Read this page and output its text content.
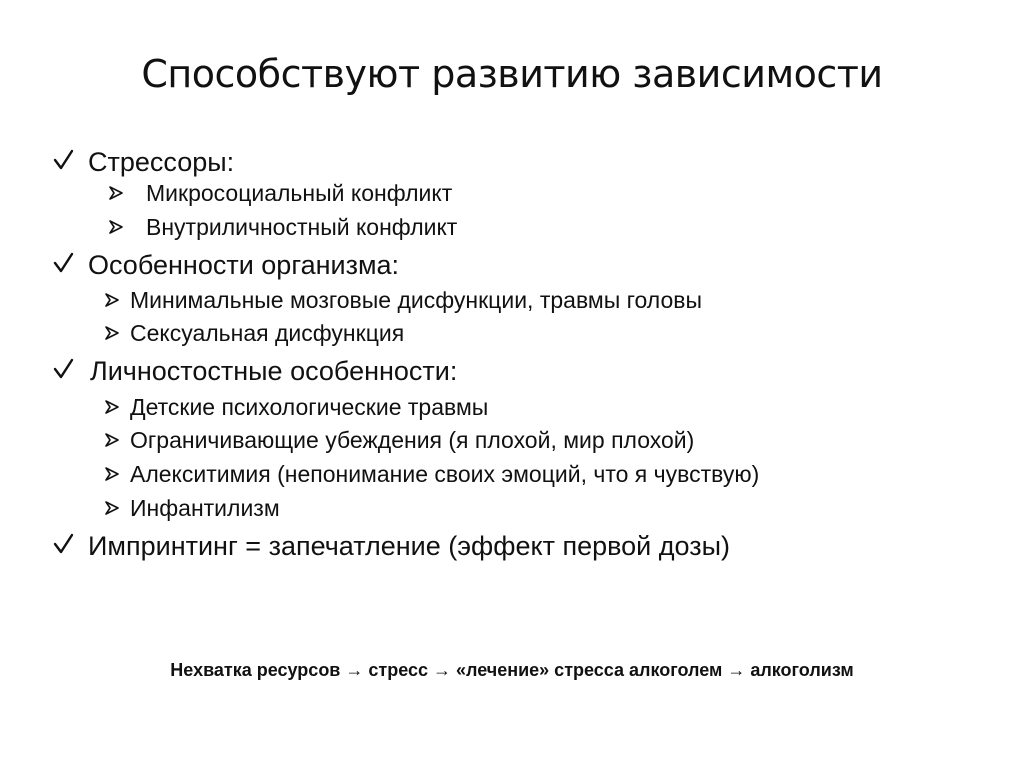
Способствуют развитию зависимости
Стрессоры:
Микросоциальный конфликт
Внутриличностный конфликт
Особенности организма:
Минимальные мозговые дисфункции, травмы головы
Сексуальная дисфункция
Личностостные особенности:
Детские психологические травмы
Ограничивающие убеждения (я плохой, мир плохой)
Алекситимия (непонимание своих эмоций, что я чувствую)
Инфантилизм
Импринтинг = запечатление (эффект первой дозы)
Нехватка ресурсов → стресс → «лечение» стресса алкоголем → алкоголизм
